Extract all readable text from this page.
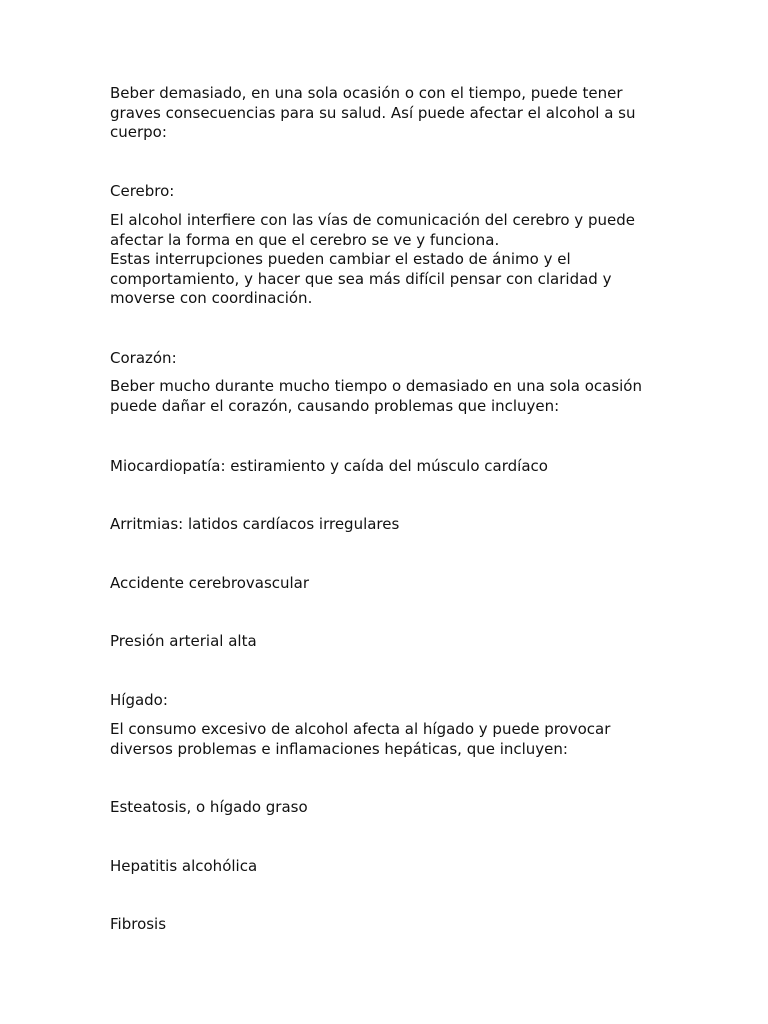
Beber demasiado, en una sola ocasión o con el tiempo, puede tener graves consecuencias para su salud. Así puede afectar el alcohol a su cuerpo:

Cerebro:

El alcohol interfiere con las vías de comunicación del cerebro y puede afectar la forma en que el cerebro se ve y funciona.

Estas interrupciones pueden cambiar el estado de ánimo y el comportamiento, y hacer que sea más difícil pensar con claridad y moverse con coordinación.

Corazón:

Beber mucho durante mucho tiempo o demasiado en una sola ocasión puede dañar el corazón, causando problemas que incluyen:

Miocardiopatía: estiramiento y caída del músculo cardíaco

Arritmias: latidos cardíacos irregulares

Accidente cerebrovascular

Presión arterial alta

Hígado:

El consumo excesivo de alcohol afecta al hígado y puede provocar diversos problemas e inflamaciones hepáticas, que incluyen:

Esteatosis, o hígado graso

Hepatitis alcohólica

Fibrosis
